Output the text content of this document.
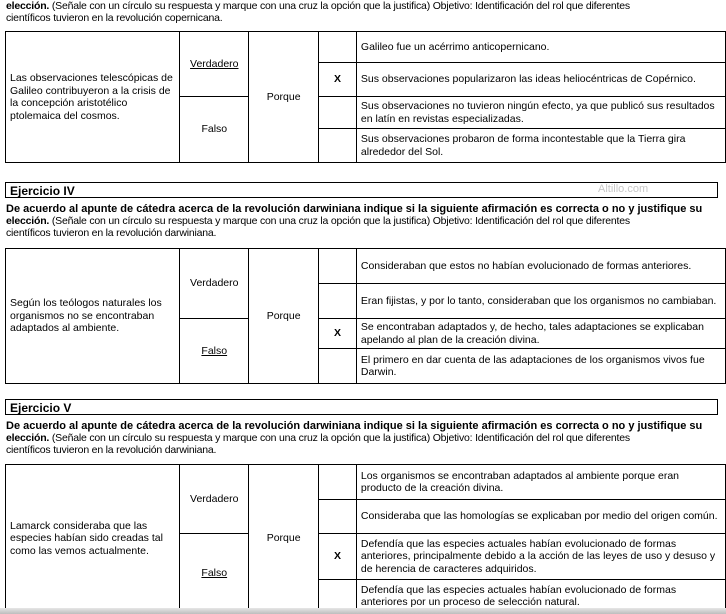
elección. (Señale con un círculo su respuesta y marque con una cruz la opción que la justifica) Objetivo: Identificación del rol que diferentes
científicos tuvieron en la revolución copernicana.
Las observaciones telescópicas de Galileo contribuyeron a la crisis de la concepción aristotélico ptolemaica del cosmos.	Verdadero	Porque		Galileo fue un acérrimo anticopernicano.
			X	Sus observaciones popularizaron las ideas heliocéntricas de Copérnico.
	Falso			Sus observaciones no tuvieron ningún efecto, ya que publicó sus resultados en latín en revistas especializadas.
				Sus observaciones probaron de forma incontestable que la Tierra gira alrededor del Sol.
Ejercicio IV	Altillo.com
De acuerdo al apunte de cátedra acerca de la revolución darwiniana indique si la siguiente afirmación es correcta o no y justifique su
elección. (Señale con un círculo su respuesta y marque con una cruz la opción que la justifica) Objetivo: Identificación del rol que diferentes
científicos tuvieron en la revolución darwiniana.
Según los teólogos naturales los organismos no se encontraban adaptados al ambiente.	Verdadero	Porque		Consideraban que estos no habían evolucionado de formas anteriores.
				Eran fijistas, y por lo tanto, consideraban que los organismos no cambiaban.
	Falso		X	Se encontraban adaptados y, de hecho, tales adaptaciones se explicaban apelando al plan de la creación divina.
				El primero en dar cuenta de las adaptaciones de los organismos vivos fue Darwin.
Ejercicio V
De acuerdo al apunte de cátedra acerca de la revolución darwiniana indique si la siguiente afirmación es correcta o no y justifique su
elección. (Señale con un círculo su respuesta y marque con una cruz la opción que la justifica) Objetivo: Identificación del rol que diferentes
científicos tuvieron en la revolución darwiniana.
Lamarck consideraba que las especies habían sido creadas tal como las vemos actualmente.	Verdadero	Porque		Los organismos se encontraban adaptados al ambiente porque eran producto de la creación divina.
				Consideraba que las homologías se explicaban por medio del origen común.
	Falso		X	Defendía que las especies actuales habían evolucionado de formas anteriores, principalmente debido a la acción de las leyes de uso y desuso y de herencia de caracteres adquiridos.
				Defendía que las especies actuales habían evolucionado de formas anteriores por un proceso de selección natural.
